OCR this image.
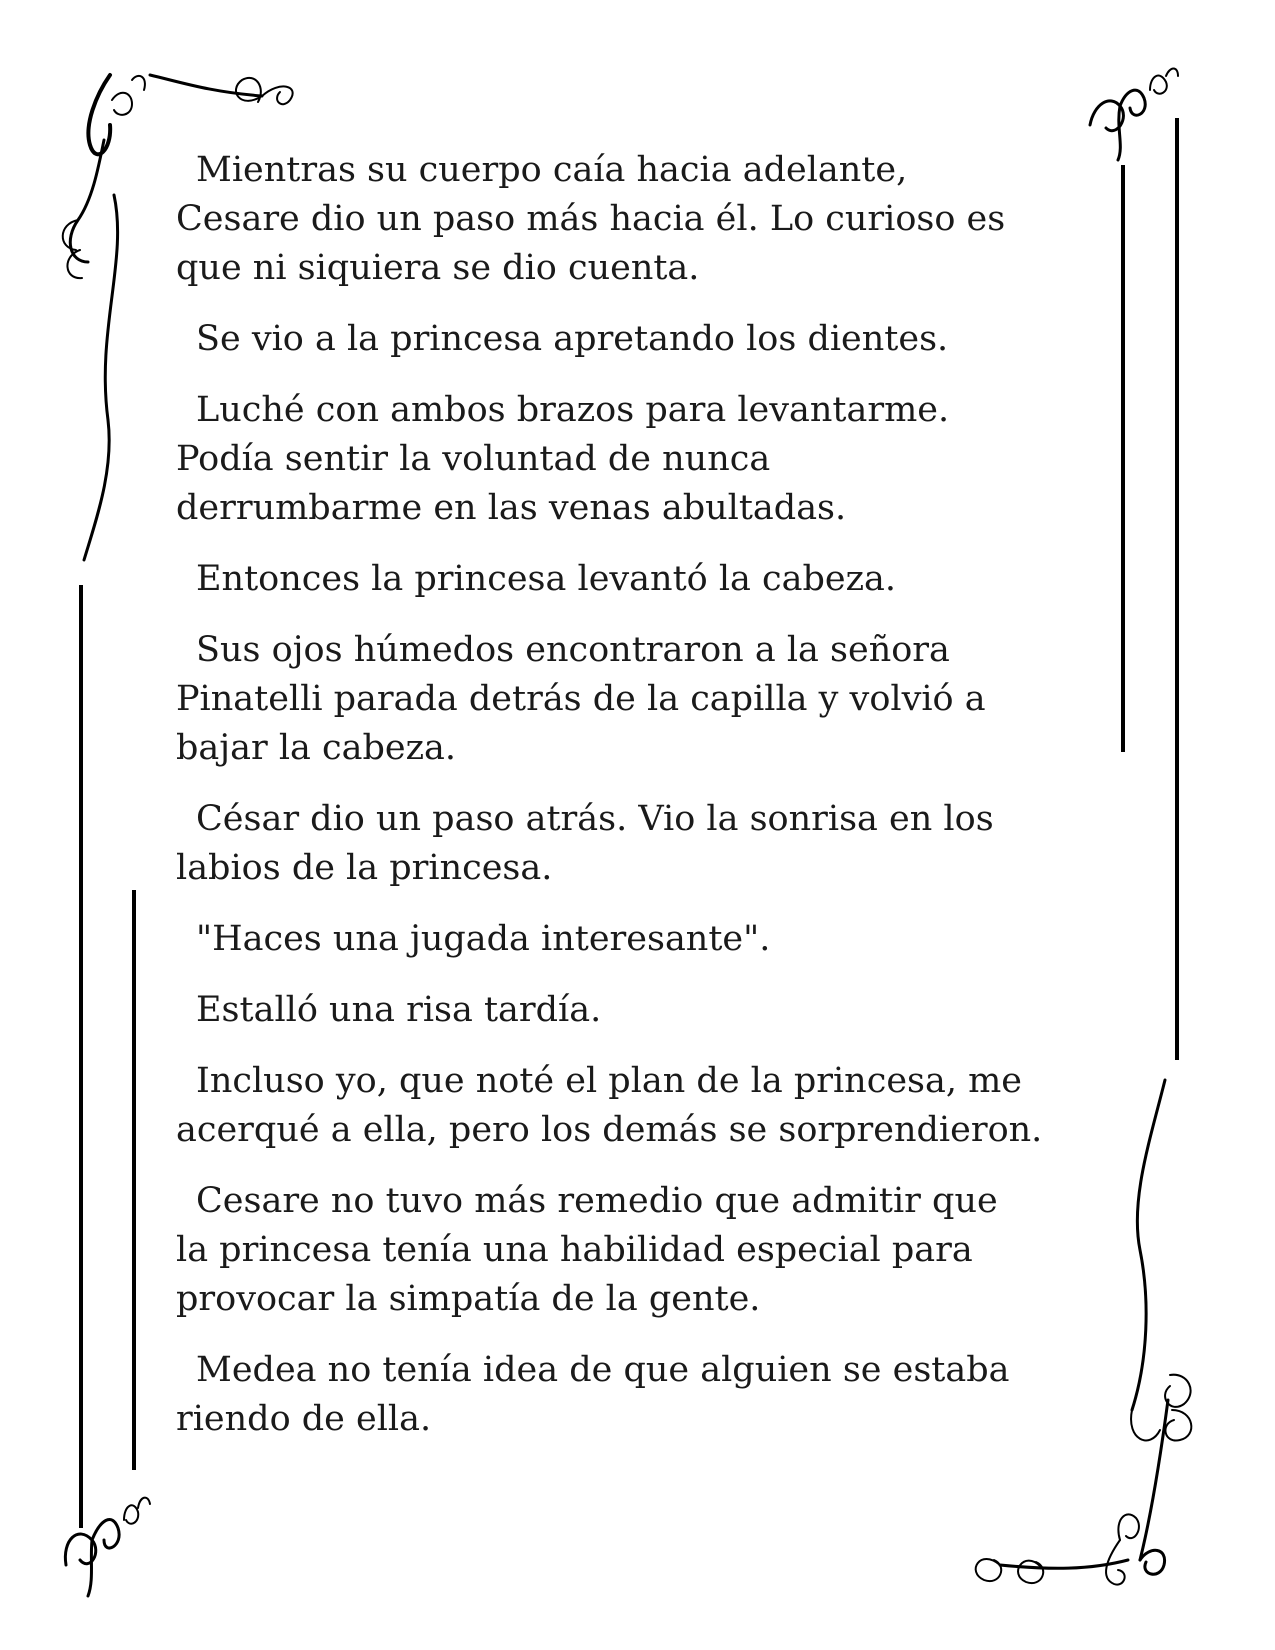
Mientras su cuerpo caía hacia adelante,
Cesare dio un paso más hacia él. Lo curioso es
que ni siquiera se dio cuenta.

Se vio a la princesa apretando los dientes.

Luché con ambos brazos para levantarme.
Podía sentir la voluntad de nunca
derrumbarme en las venas abultadas.

Entonces la princesa levantó la cabeza.

Sus ojos húmedos encontraron a la señora
Pinatelli parada detrás de la capilla y volvió a
bajar la cabeza.

César dio un paso atrás. Vio la sonrisa en los
labios de la princesa.

"Haces una jugada interesante".

Estalló una risa tardía.

Incluso yo, que noté el plan de la princesa, me
acerqué a ella, pero los demás se sorprendieron.

Cesare no tuvo más remedio que admitir que
la princesa tenía una habilidad especial para
provocar la simpatía de la gente.

Medea no tenía idea de que alguien se estaba
riendo de ella.
